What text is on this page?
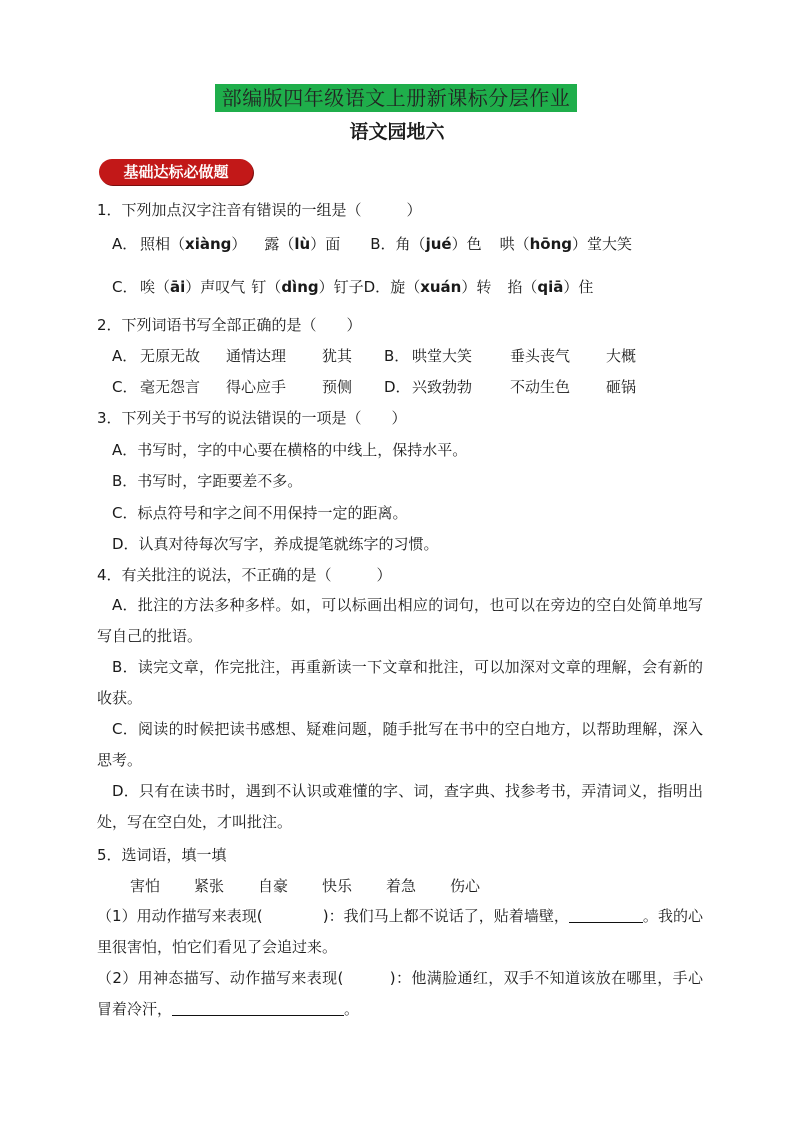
部编版四年级语文上册新课标分层作业
语文园地六
基础达标必做题
1．下列加点汉字注音有错误的一组是（　　　）
A． 照相（xiàng） 露（lù）面 B．角（jué）色 哄（hōng）堂大笑
C． 唉（āi）声叹气 钉（dìng）钉子D．旋（xuán）转 掐（qiā）住
2．下列词语书写全部正确的是（　　）
A． 无原无故 通情达理 犹其 B． 哄堂大笑	垂头丧气 大概
C． 毫无怨言 得心应手 预侧 D．兴致勃勃	不动生色 砸锅
3．下列关于书写的说法错误的一项是（　　）
A．书写时，字的中心要在横格的中线上，保持水平。
B．书写时，字距要差不多。
C．标点符号和字之间不用保持一定的距离。
D．认真对待每次写字，养成提笔就练字的习惯。
4．有关批注的说法，不正确的是（　　　）
A．批注的方法多种多样。如，可以标画出相应的词句，也可以在旁边的空白处简单地写写自己的批语。
B．读完文章，作完批注，再重新读一下文章和批注，可以加深对文章的理解，会有新的收获。
C．阅读的时候把读书感想、疑难问题，随手批写在书中的空白地方，以帮助理解，深入思考。
D．只有在读书时，遇到不认识或难懂的字、词，查字典、找参考书，弄清词义，指明出处，写在空白处，才叫批注。
5．选词语，填一填
害怕 紧张 自豪 快乐 着急 伤心
（1）用动作描写来表现(　　　　)：我们马上都不说话了，贴着墙壁，	。我的心里很害怕，怕它们看见了会追过来。
（2）用神态描写、动作描写来表现(　　　)：他满脸通红，双手不知道该放在哪里，手心冒着冷汗，	。
